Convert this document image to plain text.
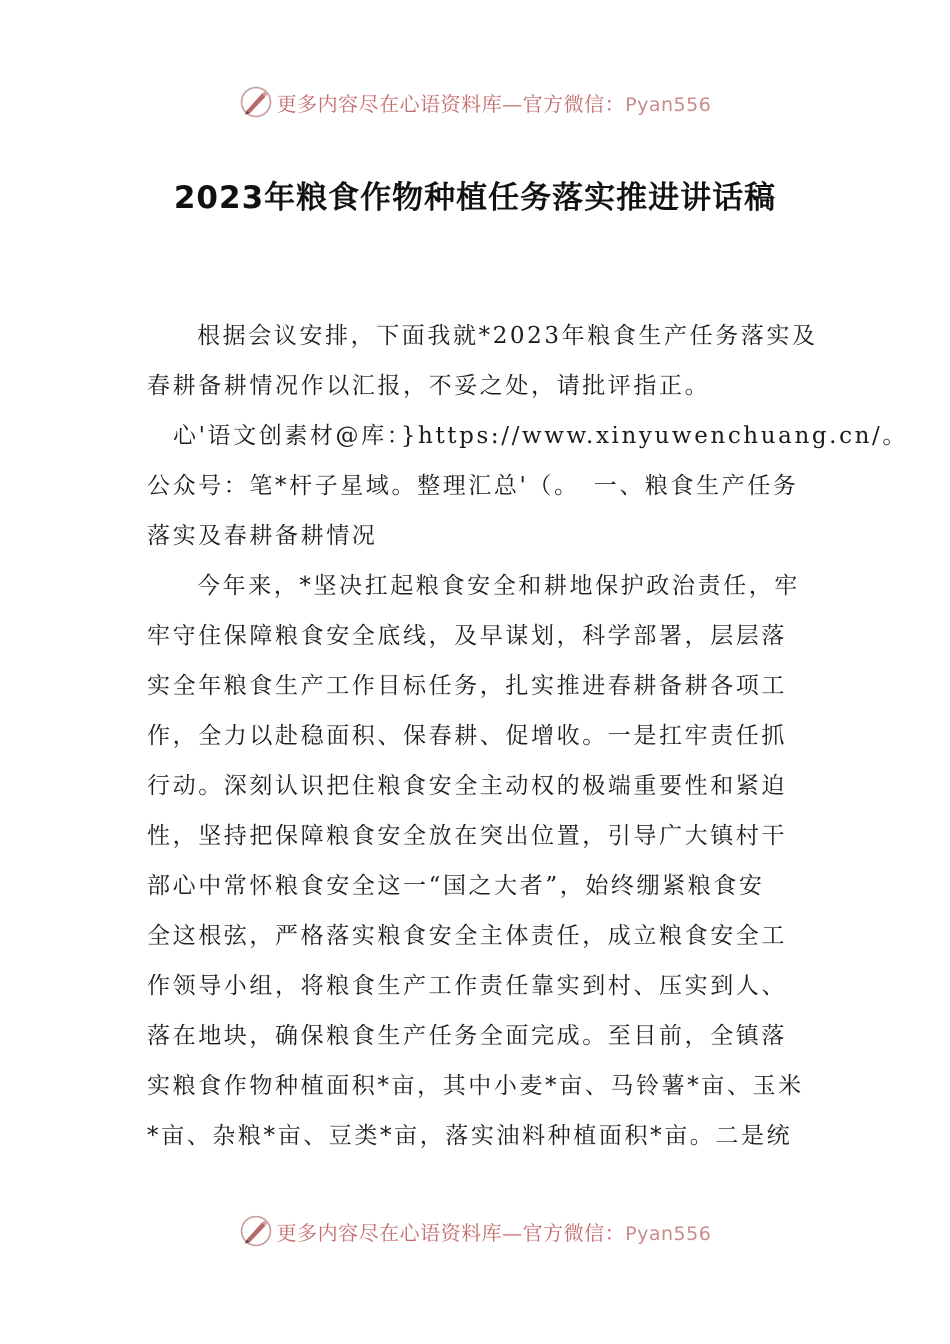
更多内容尽在心语资料库—官方微信：Pyan556
2023年粮食作物种植任务落实推进讲话稿
根据会议安排，下面我就*2023年粮食生产任务落实及
春耕备耕情况作以汇报，不妥之处，请批评指正。
心'语文创素材@库：}https://www.xinyuwenchuang.cn/。
公众号：笔*杆子星域。整理汇总'（。　一、粮食生产任务
落实及春耕备耕情况
今年来，*坚决扛起粮食安全和耕地保护政治责任，牢
牢守住保障粮食安全底线，及早谋划，科学部署，层层落
实全年粮食生产工作目标任务，扎实推进春耕备耕各项工
作，全力以赴稳面积、保春耕、促增收。一是扛牢责任抓
行动。深刻认识把住粮食安全主动权的极端重要性和紧迫
性，坚持把保障粮食安全放在突出位置，引导广大镇村干
部心中常怀粮食安全这一“国之大者”，始终绷紧粮食安
全这根弦，严格落实粮食安全主体责任，成立粮食安全工
作领导小组，将粮食生产工作责任靠实到村、压实到人、
落在地块，确保粮食生产任务全面完成。至目前，全镇落
实粮食作物种植面积*亩，其中小麦*亩、马铃薯*亩、玉米
*亩、杂粮*亩、豆类*亩，落实油料种植面积*亩。二是统
更多内容尽在心语资料库—官方微信：Pyan556
